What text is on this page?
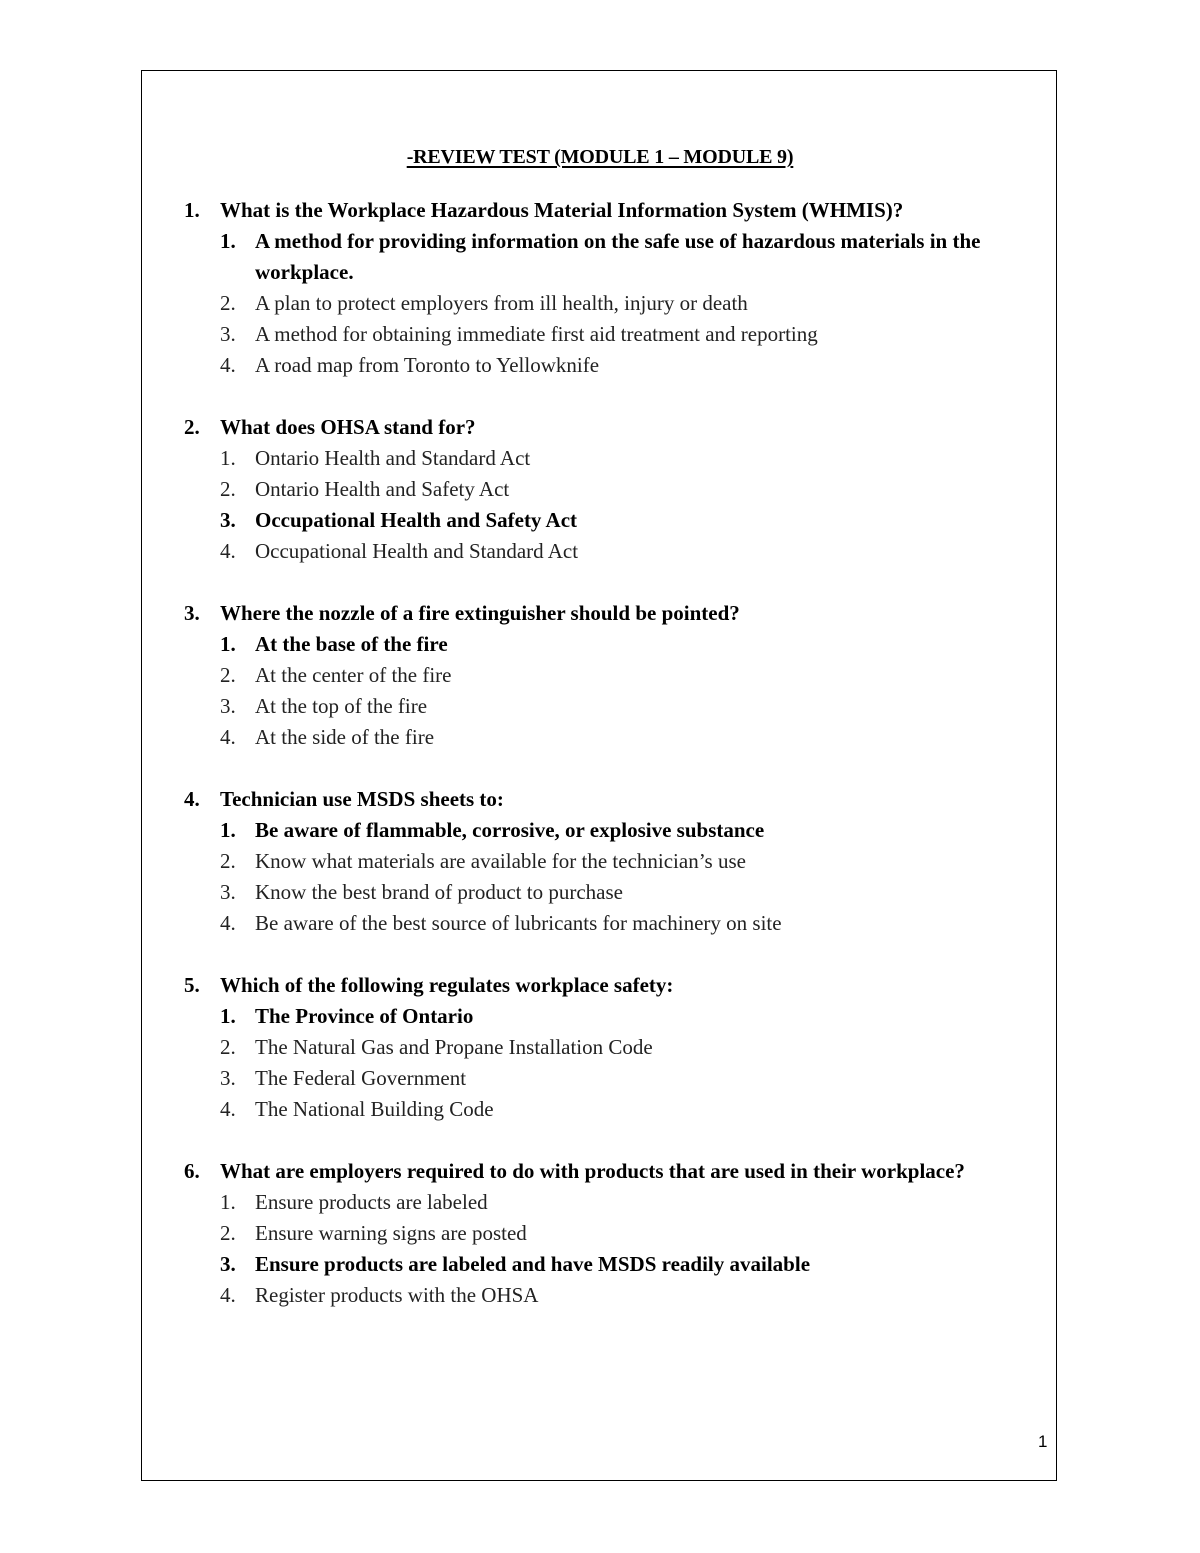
-REVIEW TEST (MODULE 1 – MODULE 9)
1. What is the Workplace Hazardous Material Information System (WHMIS)?
1. A method for providing information on the safe use of hazardous materials in the workplace.
2. A plan to protect employers from ill health, injury or death
3. A method for obtaining immediate first aid treatment and reporting
4. A road map from Toronto to Yellowknife
2. What does OHSA stand for?
1. Ontario Health and Standard Act
2. Ontario Health and Safety Act
3. Occupational Health and Safety Act
4. Occupational Health and Standard Act
3. Where the nozzle of a fire extinguisher should be pointed?
1. At the base of the fire
2. At the center of the fire
3. At the top of the fire
4. At the side of the fire
4. Technician use MSDS sheets to:
1. Be aware of flammable, corrosive, or explosive substance
2. Know what materials are available for the technician’s use
3. Know the best brand of product to purchase
4. Be aware of the best source of lubricants for machinery on site
5. Which of the following regulates workplace safety:
1. The Province of Ontario
2. The Natural Gas and Propane Installation Code
3. The Federal Government
4. The National Building Code
6. What are employers required to do with products that are used in their workplace?
1. Ensure products are labeled
2. Ensure warning signs are posted
3. Ensure products are labeled and have MSDS readily available
4. Register products with the OHSA
1
